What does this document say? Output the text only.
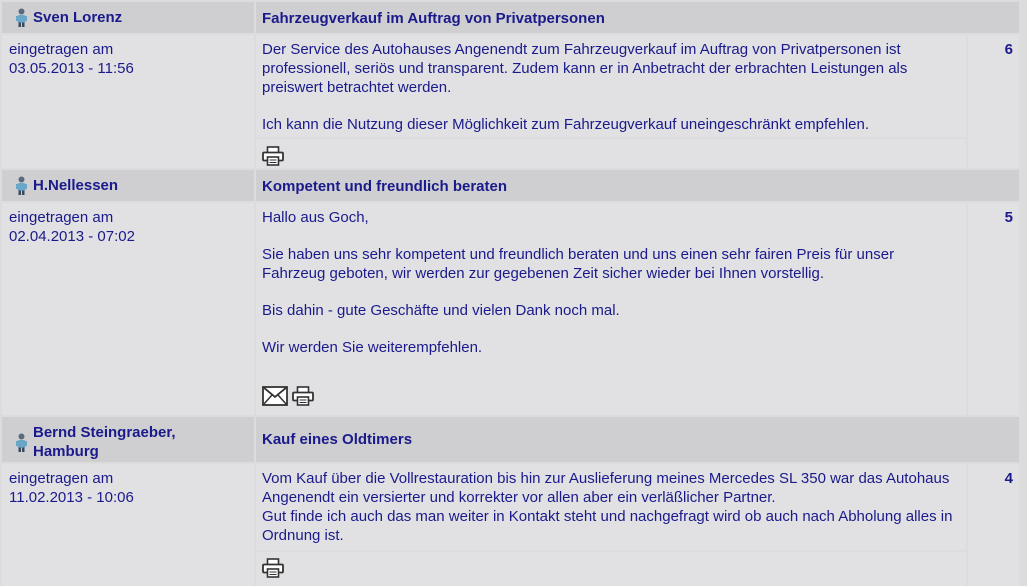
Sven Lorenz	Fahrzeugverkauf im Auftrag von Privatpersonen
eingetragen am
03.05.2013 - 11:56

Der Service des Autohauses Angenendt zum Fahrzeugverkauf im Auftrag von Privatpersonen ist professionell, seriös und transparent. Zudem kann er in Anbetracht der erbrachten Leistungen als preiswert betrachtet werden.

Ich kann die Nutzung dieser Möglichkeit zum Fahrzeugverkauf uneingeschränkt empfehlen.

6
H.Nellessen	Kompetent und freundlich beraten
eingetragen am
02.04.2013 - 07:02

Hallo aus Goch,

Sie haben uns sehr kompetent und freundlich beraten und uns einen sehr fairen Preis für unser Fahrzeug geboten, wir werden zur gegebenen Zeit sicher wieder bei Ihnen vorstellig.

Bis dahin - gute Geschäfte und vielen Dank noch mal.

Wir werden Sie weiterempfehlen.

5
Bernd Steingraeber, Hamburg
Kauf eines Oldtimers
eingetragen am
11.02.2013 - 10:06

Vom Kauf über die Vollrestauration bis hin zur Auslieferung meines Mercedes SL 350 war das Autohaus Angenendt ein versierter und korrekter vor allen aber ein verläßlicher Partner.
Gut finde ich auch das man weiter in Kontakt steht und nachgefragt wird ob auch nach Abholung alles in Ordnung ist.

4
